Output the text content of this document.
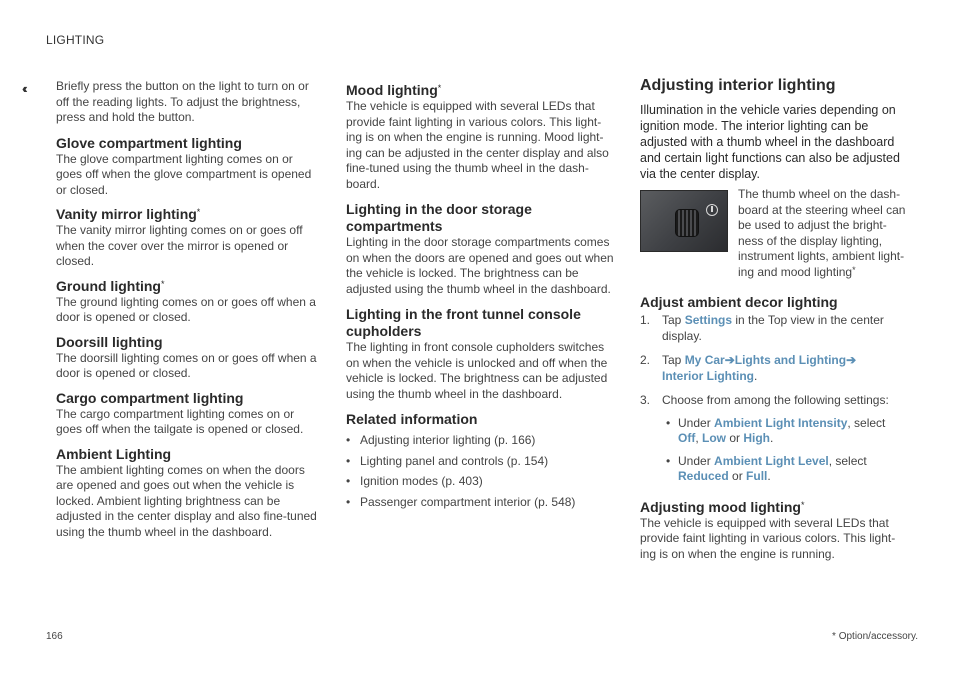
LIGHTING
‹‹	Briefly press the button on the light to turn on or off the reading lights. To adjust the brightness, press and hold the button.

Glove compartment lighting

The glove compartment lighting comes on or goes off when the glove compartment is opened or closed.

Vanity mirror lighting*

The vanity mirror lighting comes on or goes off when the cover over the mirror is opened or closed.

Ground lighting*

The ground lighting comes on or goes off when a door is opened or closed.

Doorsill lighting

The doorsill lighting comes on or goes off when a door is opened or closed.

Cargo compartment lighting

The cargo compartment lighting comes on or goes off when the tailgate is opened or closed.

Ambient Lighting

The ambient lighting comes on when the doors are opened and goes out when the vehicle is locked. Ambient lighting brightness can be adjusted in the center display and also fine-tuned using the thumb wheel in the dashboard.

Mood lighting*

The vehicle is equipped with several LEDs that provide faint lighting in various colors. This light-ing is on when the engine is running. Mood light-ing can be adjusted in the center display and also fine-tuned using the thumb wheel in the dash-board.

Lighting in the door storage compartments

Lighting in the door storage compartments comes on when the doors are opened and goes out when the vehicle is locked. The brightness can be adjusted using the thumb wheel in the dashboard.

Lighting in the front tunnel console cupholders

The lighting in front console cupholders switches on when the vehicle is unlocked and off when the vehicle is locked. The brightness can be adjusted using the thumb wheel in the dashboard.

Related information
• Adjusting interior lighting (p. 166)
• Lighting panel and controls (p. 154)
• Ignition modes (p. 403)
• Passenger compartment interior (p. 548)
Adjusting interior lighting

Illumination in the vehicle varies depending on ignition mode. The interior lighting can be adjusted with a thumb wheel in the dashboard and certain light functions can also be adjusted via the center display.

The thumb wheel on the dash-board at the steering wheel can be used to adjust the bright-ness of the display lighting, instrument lights, ambient light-ing and mood lighting*

Adjust ambient decor lighting
1. Tap Settings in the Top view in the center display.
2. Tap My Car➔Lights and Lighting➔
Interior Lighting.
3. Choose from among the following settings:
• Under Ambient Light Intensity, select
Off, Low or High.
• Under Ambient Light Level, select
Reduced or Full.
Adjusting mood lighting*

The vehicle is equipped with several LEDs that provide faint lighting in various colors. This light-ing is on when the engine is running.

166	* Option/accessory.
